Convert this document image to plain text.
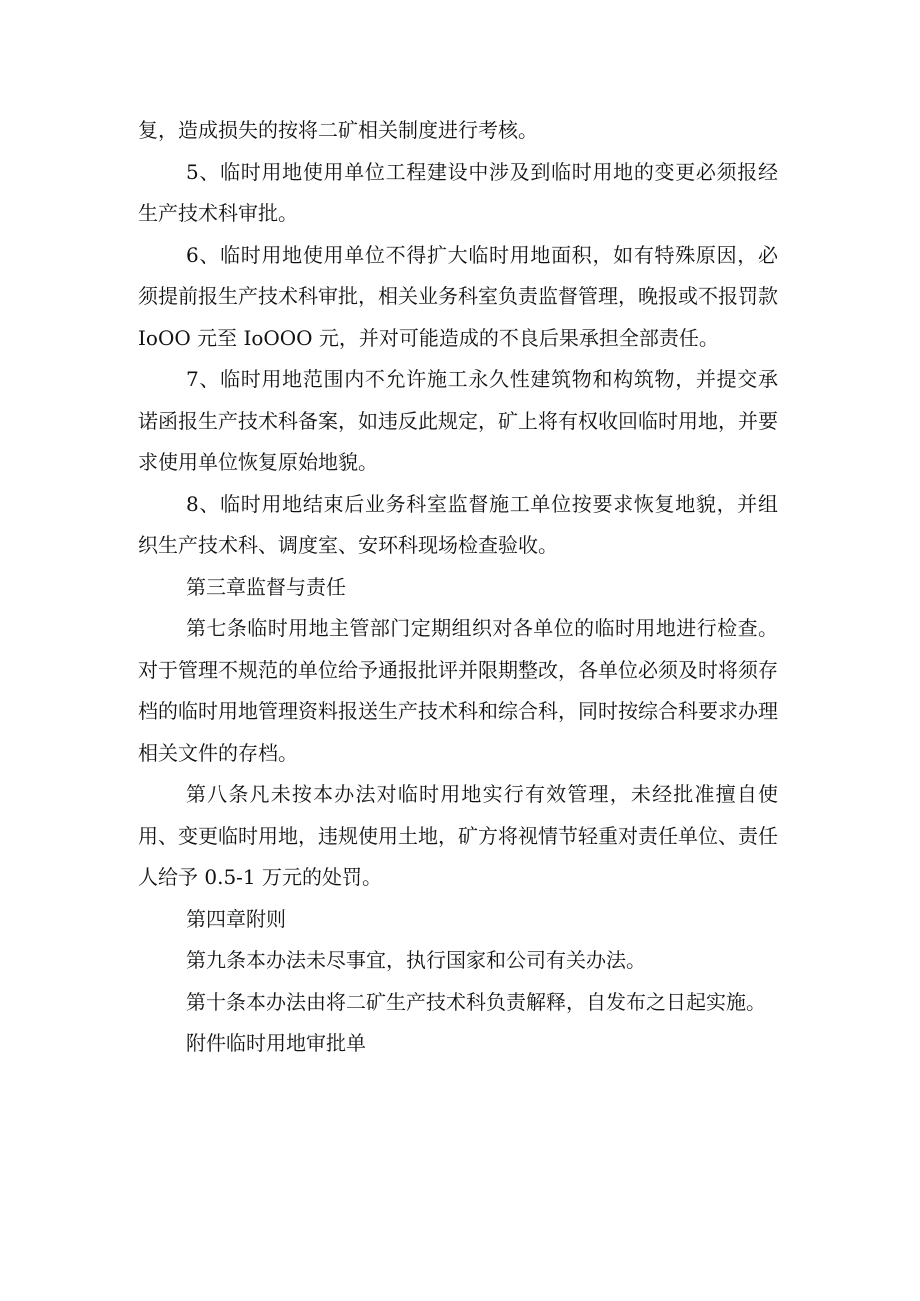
复，造成损失的按将二矿相关制度进行考核。

5、临时用地使用单位工程建设中涉及到临时用地的变更必须报经生产技术科审批。

6、临时用地使用单位不得扩大临时用地面积，如有特殊原因，必须提前报生产技术科审批，相关业务科室负责监督管理，晚报或不报罚款 IoOO 元至 IoOOO 元，并对可能造成的不良后果承担全部责任。

7、临时用地范围内不允许施工永久性建筑物和构筑物，并提交承诺函报生产技术科备案，如违反此规定，矿上将有权收回临时用地，并要求使用单位恢复原始地貌。

8、临时用地结束后业务科室监督施工单位按要求恢复地貌，并组织生产技术科、调度室、安环科现场检查验收。

第三章监督与责任

第七条临时用地主管部门定期组织对各单位的临时用地进行检查。对于管理不规范的单位给予通报批评并限期整改，各单位必须及时将须存档的临时用地管理资料报送生产技术科和综合科，同时按综合科要求办理相关文件的存档。

第八条凡未按本办法对临时用地实行有效管理，未经批准擅自使用、变更临时用地，违规使用土地，矿方将视情节轻重对责任单位、责任人给予 0.5-1 万元的处罚。

第四章附则

第九条本办法未尽事宜，执行国家和公司有关办法。

第十条本办法由将二矿生产技术科负责解释，自发布之日起实施。

附件临时用地审批单
